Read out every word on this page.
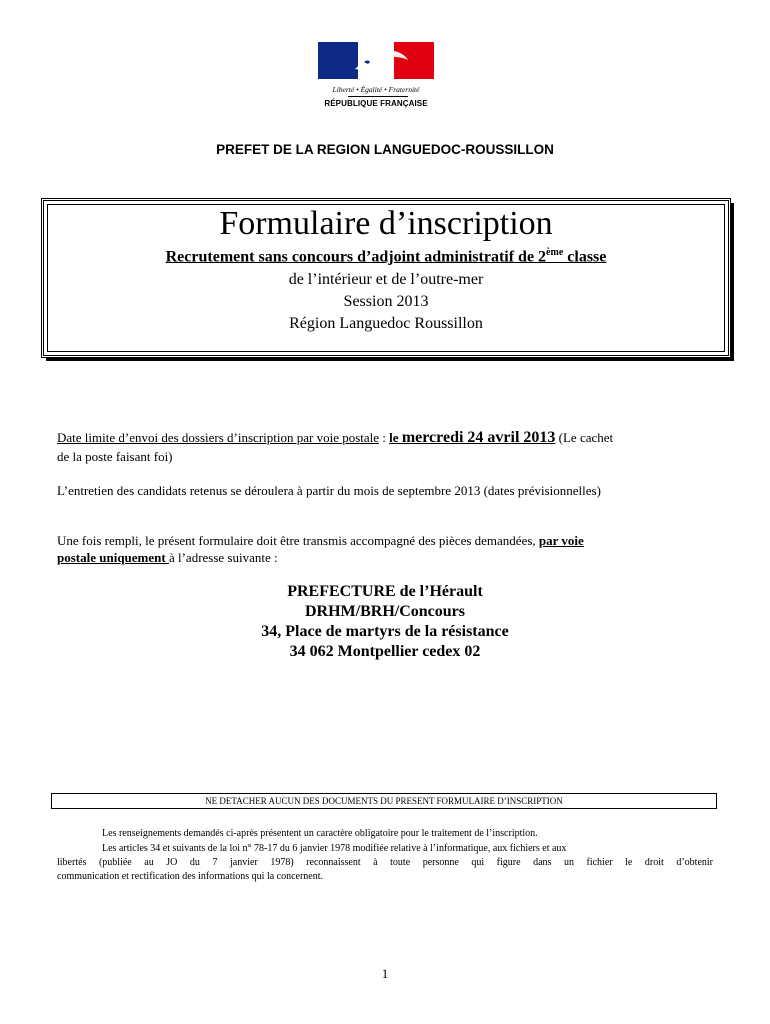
Liberté • Égalité • Fraternité
RÉPUBLIQUE FRANÇAISE
PREFET DE LA REGION LANGUEDOC-ROUSSILLON
Formulaire d’inscription
Recrutement sans concours d’adjoint administratif de 2ème classe
de l’intérieur et de l’outre-mer
Session 2013
Région Languedoc Roussillon
Date limite d’envoi des dossiers d’inscription par voie postale : le mercredi 24 avril 2013 (Le cachet
de la poste faisant foi)
L’entretien des candidats retenus se déroulera à partir du mois de septembre 2013 (dates prévisionnelles)
Une fois rempli, le présent formulaire doit être transmis accompagné des pièces demandées, par voie
postale uniquement à l’adresse suivante :
PREFECTURE de l’Hérault
DRHM/BRH/Concours
34, Place de martyrs de la résistance
34 062 Montpellier cedex 02
NE DETACHER AUCUN DES DOCUMENTS DU PRESENT FORMULAIRE D’INSCRIPTION
Les renseignements demandés ci-après présentent un caractère obligatoire pour le traitement de l’inscription.
Les articles 34 et suivants de la loi n° 78-17 du 6 janvier 1978 modifiée relative à l’informatique, aux fichiers et aux
libertés (publiée au JO du 7 janvier 1978) reconnaissent à toute personne qui figure dans un fichier le droit d’obtenir
communication et rectification des informations qui la concernent.
1
